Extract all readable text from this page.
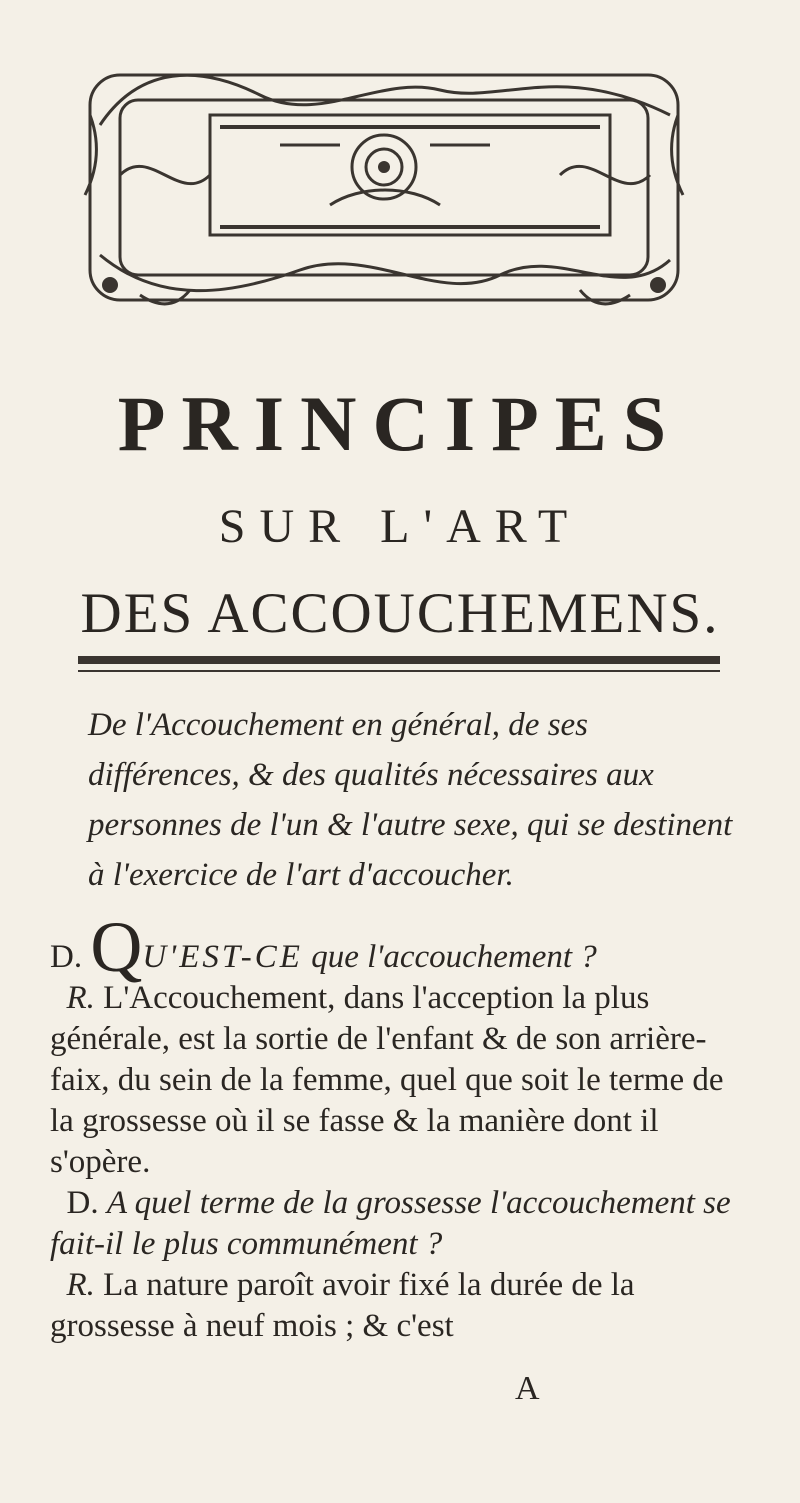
PRINCIPES
SUR L'ART
DES ACCOUCHEMENS.
De l'Accouchement en général, de ses différences, & des qualités nécessaires aux personnes de l'un & l'autre sexe, qui se destinent à l'exercice de l'art d'accoucher.

D. QU'EST-CE que l'accouchement ?

R. L'Accouchement, dans l'acception la plus générale, est la sortie de l'enfant & de son arrière-faix, du sein de la femme, quel que soit le terme de la grossesse où il se fasse & la manière dont il s'opère.

D. A quel terme de la grossesse l'accouchement se fait-il le plus communément ?

R. La nature paroît avoir fixé la durée de la grossesse à neuf mois ; & c'est

A
